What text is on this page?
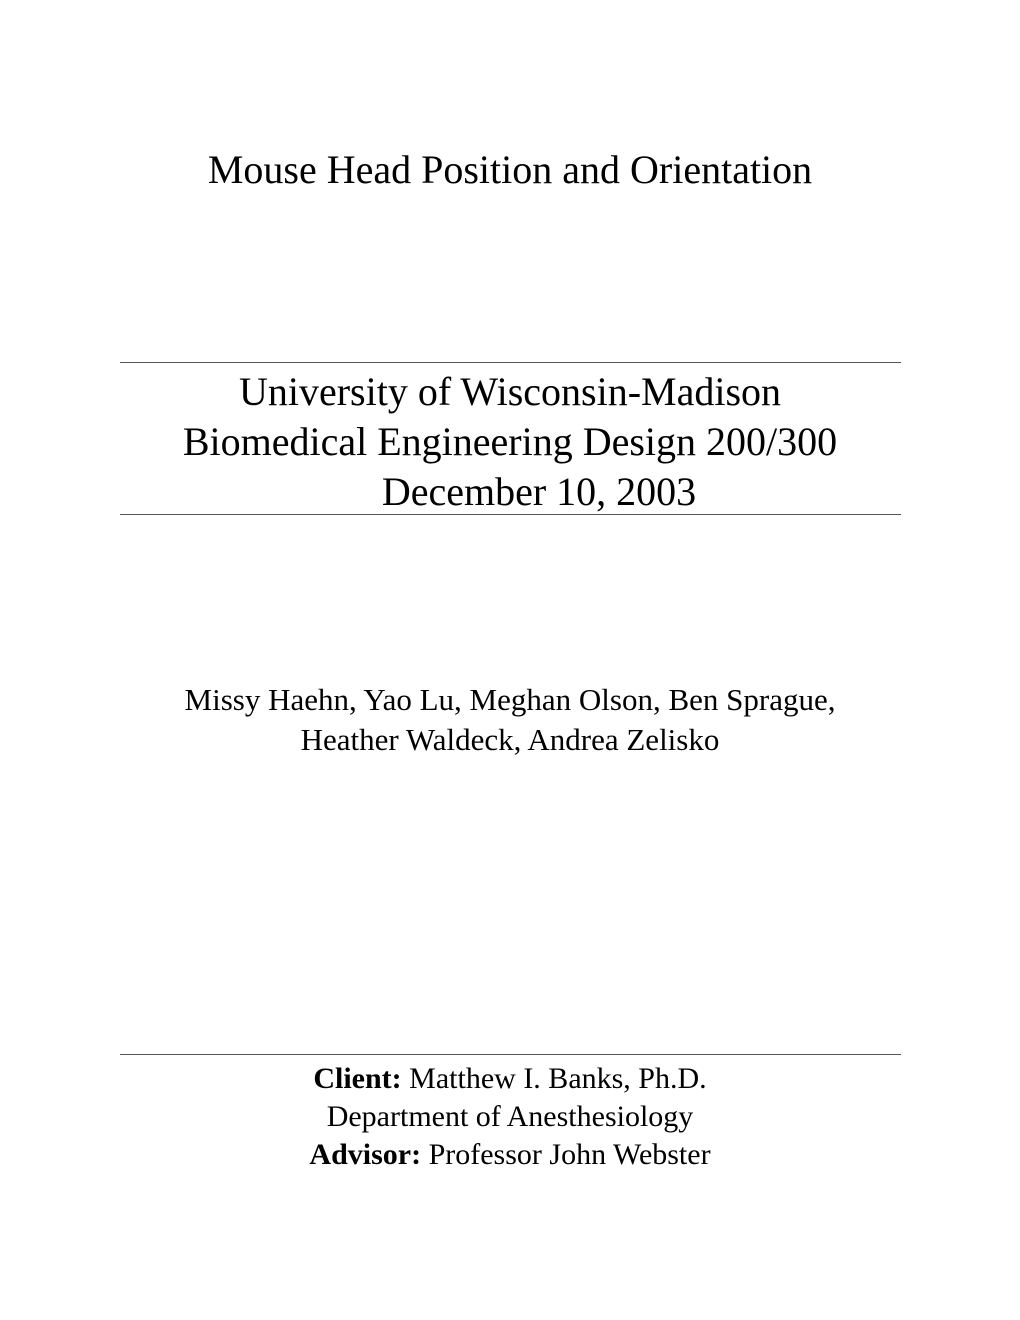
Mouse Head Position and Orientation
University of Wisconsin-Madison
Biomedical Engineering Design 200/300
December 10, 2003
Missy Haehn, Yao Lu, Meghan Olson, Ben Sprague,
Heather Waldeck, Andrea Zelisko
Client: Matthew I. Banks, Ph.D.
Department of Anesthesiology
Advisor: Professor John Webster
